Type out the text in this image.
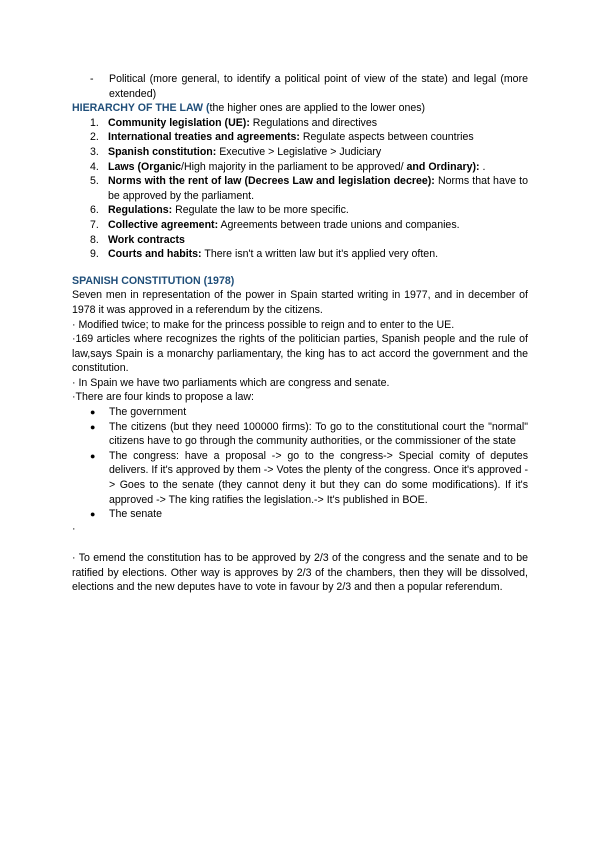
- Political (more general, to identify a political point of view of the state) and legal (more extended)
HIERARCHY OF THE LAW (the higher ones are applied to the lower ones)
1. Community legislation (UE): Regulations and directives
2. International treaties and agreements: Regulate aspects between countries
3. Spanish constitution: Executive > Legislative > Judiciary
4. Laws (Organic/High majority in the parliament to be approved/ and Ordinary): .
5. Norms with the rent of law (Decrees Law and legislation decree): Norms that have to be approved by the parliament.
6. Regulations: Regulate the law to be more specific.
7. Collective agreement: Agreements between trade unions and companies.
8. Work contracts
9. Courts and habits: There isn't a written law but it's applied very often.
SPANISH CONSTITUTION (1978)

Seven men in representation of the power in Spain started writing in 1977, and in december of 1978 it was approved in a referendum by the citizens.

· Modified twice; to make for the princess possible to reign and to enter to the UE.

·169 articles where recognizes the rights of the politician parties, Spanish people and the rule of law,says Spain is a monarchy parliamentary, the king has to act accord the government and the constitution.

· In Spain we have two parliaments which are congress and senate.

·There are four kinds to propose a law:

● The government
● The citizens (but they need 100000 firms): To go to the constitutional court the "normal" citizens have to go through the community authorities, or the commissioner of the state
● The congress: have a proposal -> go to the congress-> Special comity of deputes delivers. If it's approved by them -> Votes the plenty of the congress. Once it's approved -> Goes to the senate (they cannot deny it but they can do some modifications). If it's approved -> The king ratifies the legislation.-> It's published in BOE.
● The senate
·

· To emend the constitution has to be approved by 2/3 of the congress and the senate and to be ratified by elections. Other way is approves by 2/3 of the chambers, then they will be dissolved, elections and the new deputes have to vote in favour by 2/3 and then a popular referendum.
